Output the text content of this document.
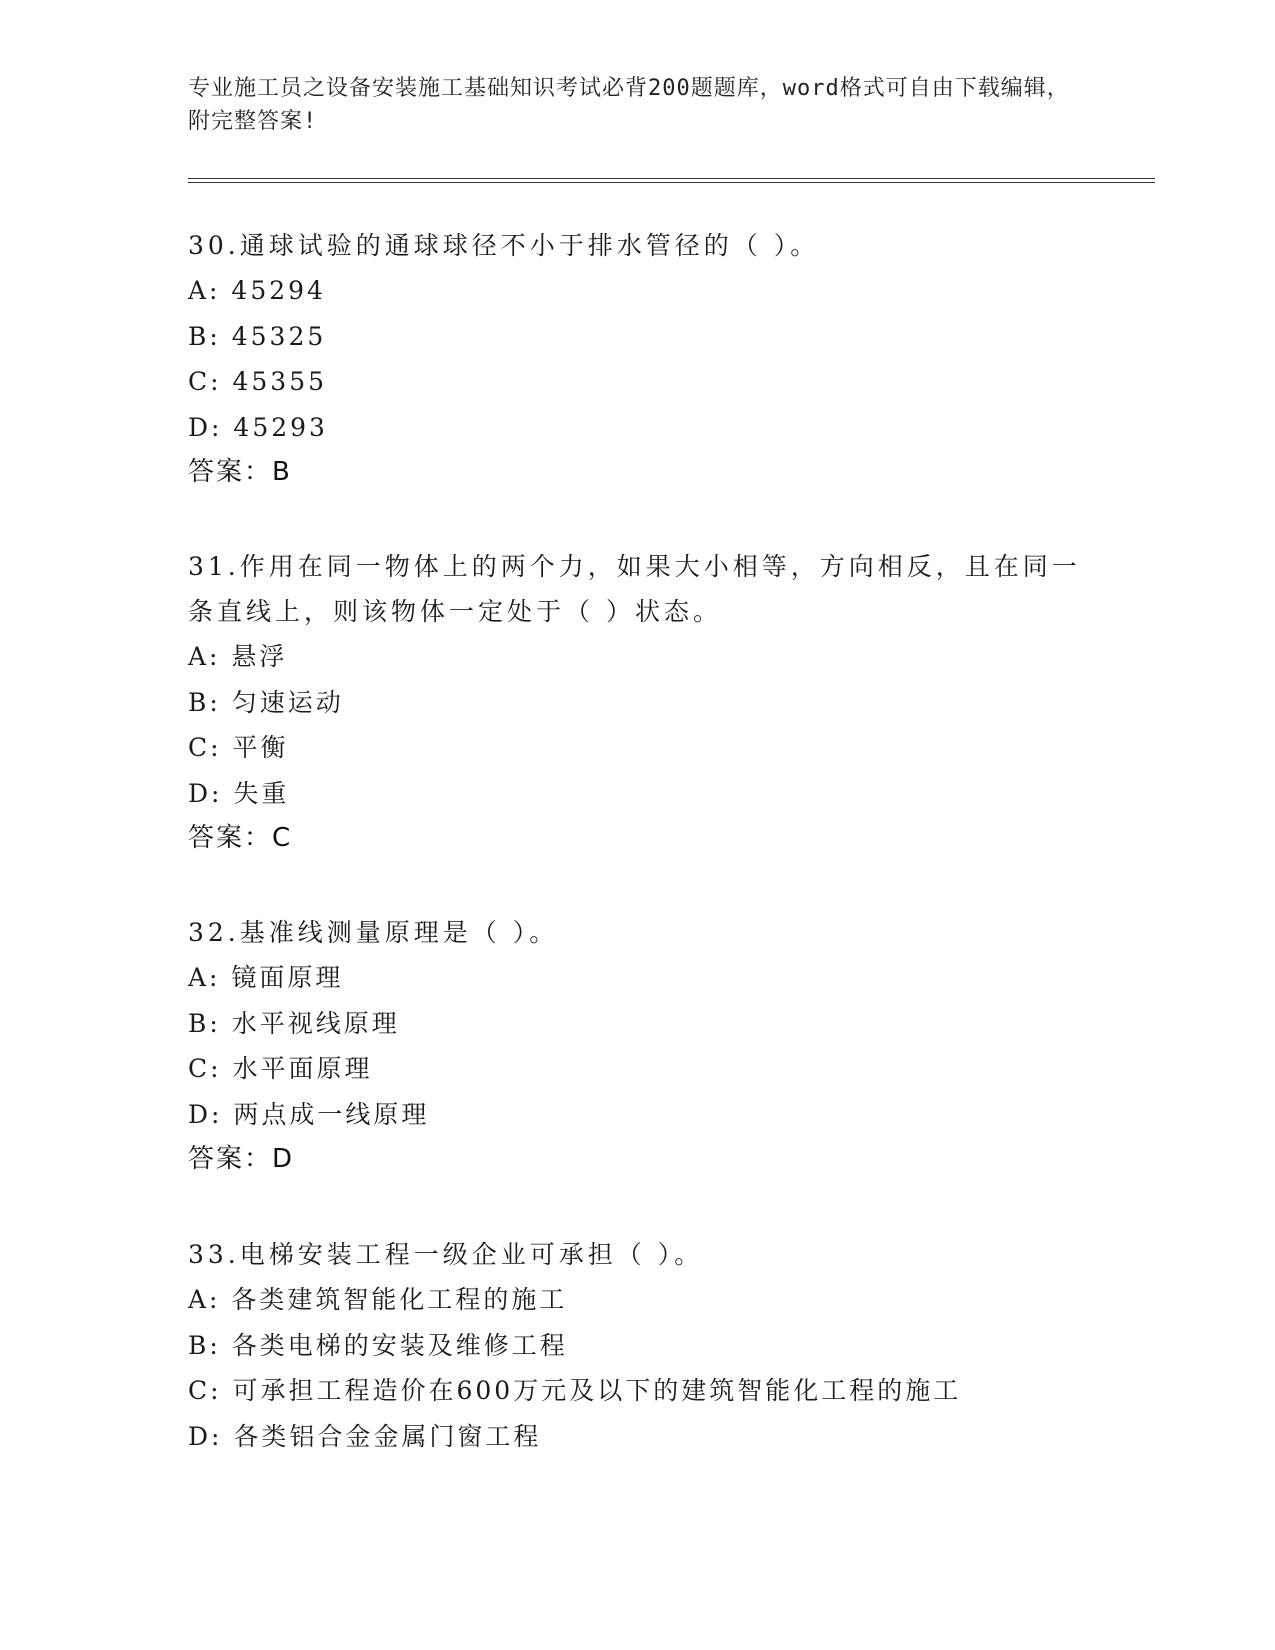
专业施工员之设备安装施工基础知识考试必背200题题库，word格式可自由下载编辑，附完整答案!
30.通球试验的通球球径不小于排水管径的（ ）。
A: 45294
B: 45325
C: 45355
D: 45293
答案：B
31.作用在同一物体上的两个力，如果大小相等，方向相反，且在同一条直线上，则该物体一定处于（ ）状态。
A: 悬浮
B: 匀速运动
C: 平衡
D: 失重
答案：C
32.基准线测量原理是（ ）。
A: 镜面原理
B: 水平视线原理
C: 水平面原理
D: 两点成一线原理
答案：D
33.电梯安装工程一级企业可承担（ ）。
A: 各类建筑智能化工程的施工
B: 各类电梯的安装及维修工程
C: 可承担工程造价在600万元及以下的建筑智能化工程的施工
D: 各类铝合金金属门窗工程
